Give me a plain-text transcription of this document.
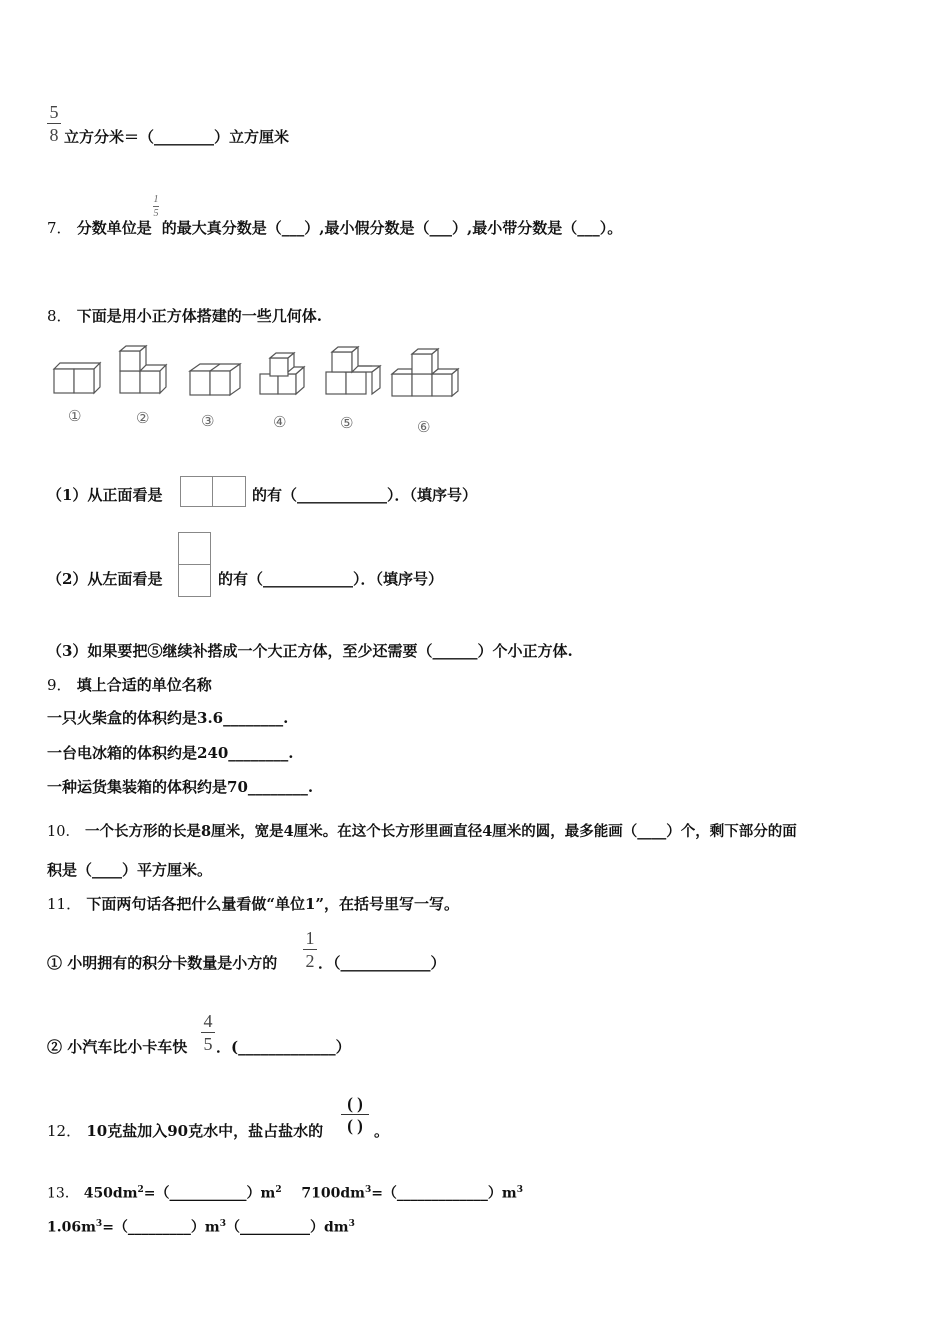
5
8 立方分米＝（________）立方厘米
1
5
7． 分数单位是 的最大真分数是（___）,最小假分数是（___）,最小带分数是（___）。
8． 下面是用小正方体搭建的一些几何体.
①	②	③	④	⑤	⑥
（1）从正面看是	的有（____________）．（填序号）
（2）从左面看是	的有（____________）．（填序号）
（3）如果要把⑤继续补搭成一个大正方体，至少还需要（______）个小正方体.
9． 填上合适的单位名称
一只火柴盒的体积约是3.6________.
一台电冰箱的体积约是240________.
一种运货集装箱的体积约是70________.
10． 一个长方形的长是8厘米，宽是4厘米。在这个长方形里画直径4厘米的圆，最多能画（____）个，剩下部分的面
积是（____）平方厘米。
11． 下面两句话各把什么量看做“单位1”，在括号里写一写。
① 小明拥有的积分卡数量是小方的
1
2 ．（____________）
② 小汽车比小卡车快
4
5 ．(_____________）
12． 10克盐加入90克水中，盐占盐水的
( )
( ) 。
13． $450dm^2=(\_\_\_\_\_\_\_\_\_\_\_)m^2$ $7100dm^3=(\_\_\_\_\_\_\_\_\_\_\_\_\_)m^3$
$1.06m^3=(\_\_\_\_\_\_\_\_\_)m^3(\_\_\_\_\_\_\_\_\_\_)dm^3$
